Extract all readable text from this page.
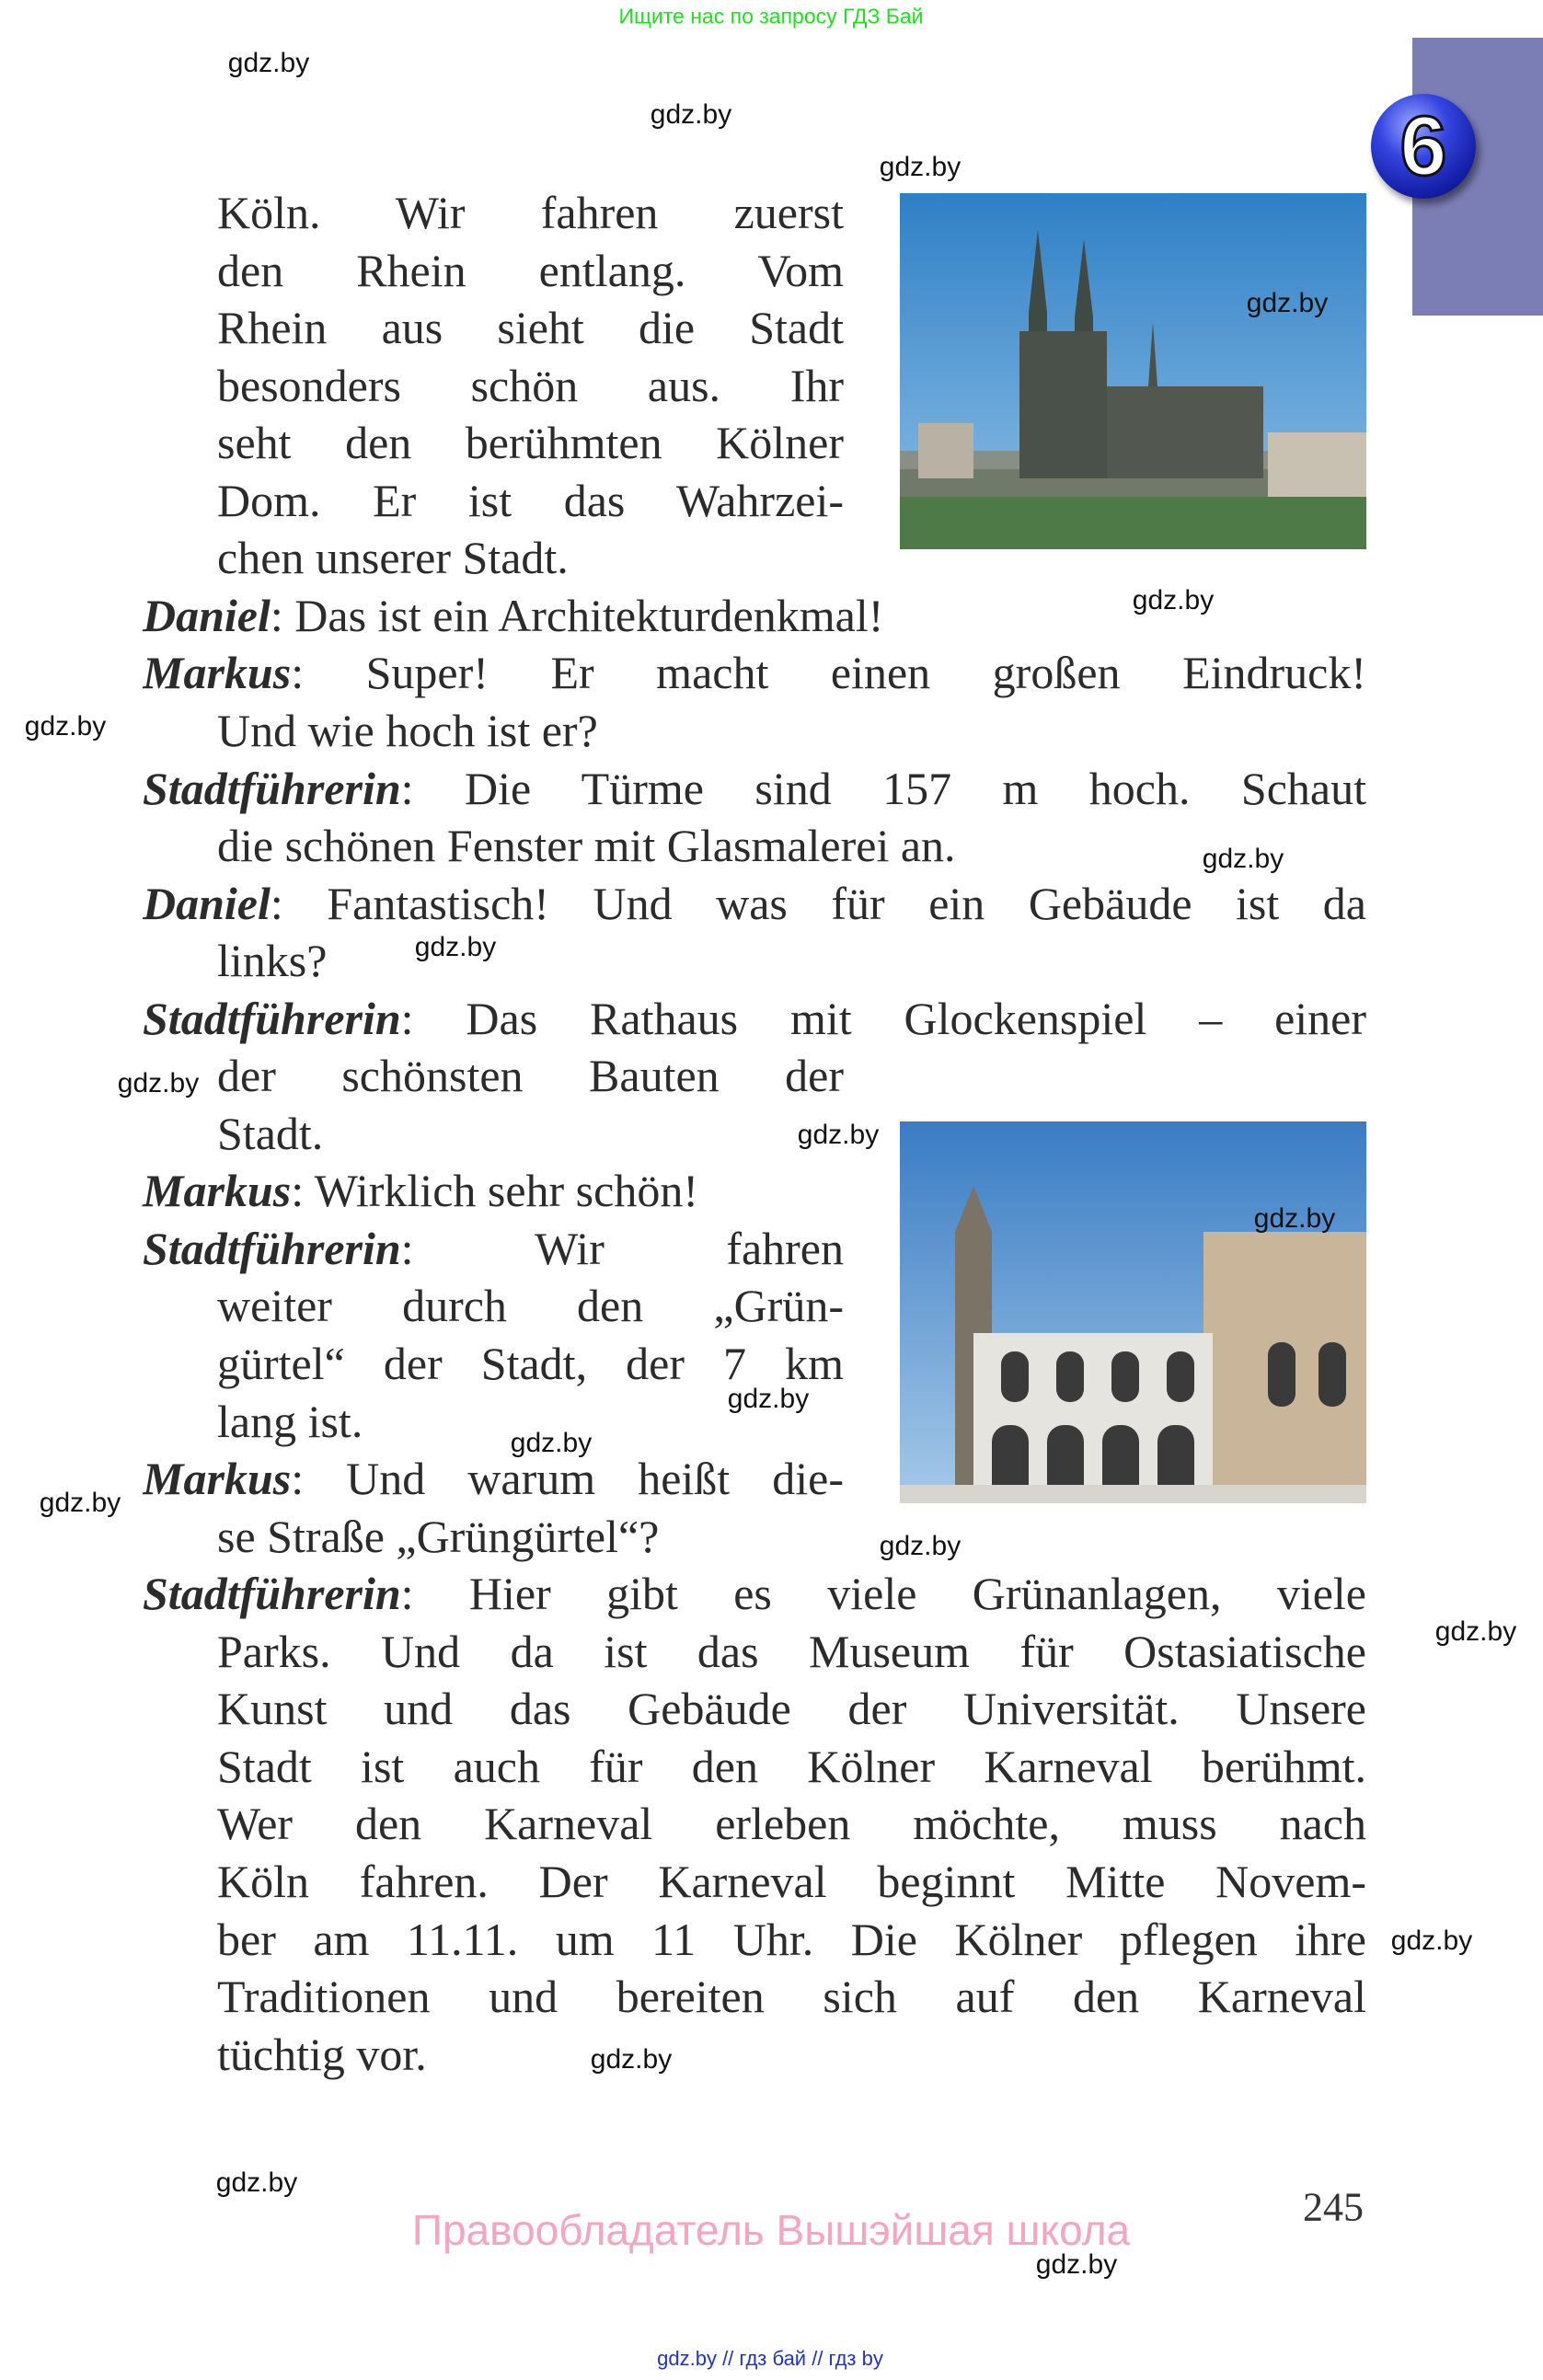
Ищите нас по запросу ГДЗ Бай
6
Köln. Wir fahren zuerst
den Rhein entlang. Vom
Rhein aus sieht die Stadt
besonders schön aus. Ihr
seht den berühmten Kölner
Dom. Er ist das Wahrzei-
chen unserer Stadt.
Daniel: Das ist ein Architekturdenkmal!
Markus: Super! Er macht einen großen Eindruck!
Und wie hoch ist er?
Stadtführerin: Die Türme sind 157 m hoch. Schaut
die schönen Fenster mit Glasmalerei an.
Daniel: Fantastisch! Und was für ein Gebäude ist da
links?
Stadtführerin: Das Rathaus mit Glockenspiel – einer
der schönsten Bauten der
Stadt.
Markus: Wirklich sehr schön!
Stadtführerin: Wir fahren
weiter durch den „Grün-
gürtel“ der Stadt, der 7 km
lang ist.
Markus: Und warum heißt die-
se Straße „Grüngürtel“?
Stadtführerin: Hier gibt es viele Grünanlagen, viele
Parks. Und da ist das Museum für Ostasiatische
Kunst und das Gebäude der Universität. Unsere
Stadt ist auch für den Kölner Karneval berühmt.
Wer den Karneval erleben möchte, muss nach
Köln fahren. Der Karneval beginnt Mitte Novem-
ber am 11.11. um 11 Uhr. Die Kölner pflegen ihre
Traditionen und bereiten sich auf den Karneval
tüchtig vor.
gdz.by
gdz.by
gdz.by
gdz.by
gdz.by
gdz.by
gdz.by
gdz.by
gdz.by
gdz.by
gdz.by
gdz.by
gdz.by
gdz.by
gdz.by
gdz.by
gdz.by
gdz.by
gdz.by
gdz.by
245
Правообладатель Вышэйшая школа
gdz.by // гдз бай // гдз by
